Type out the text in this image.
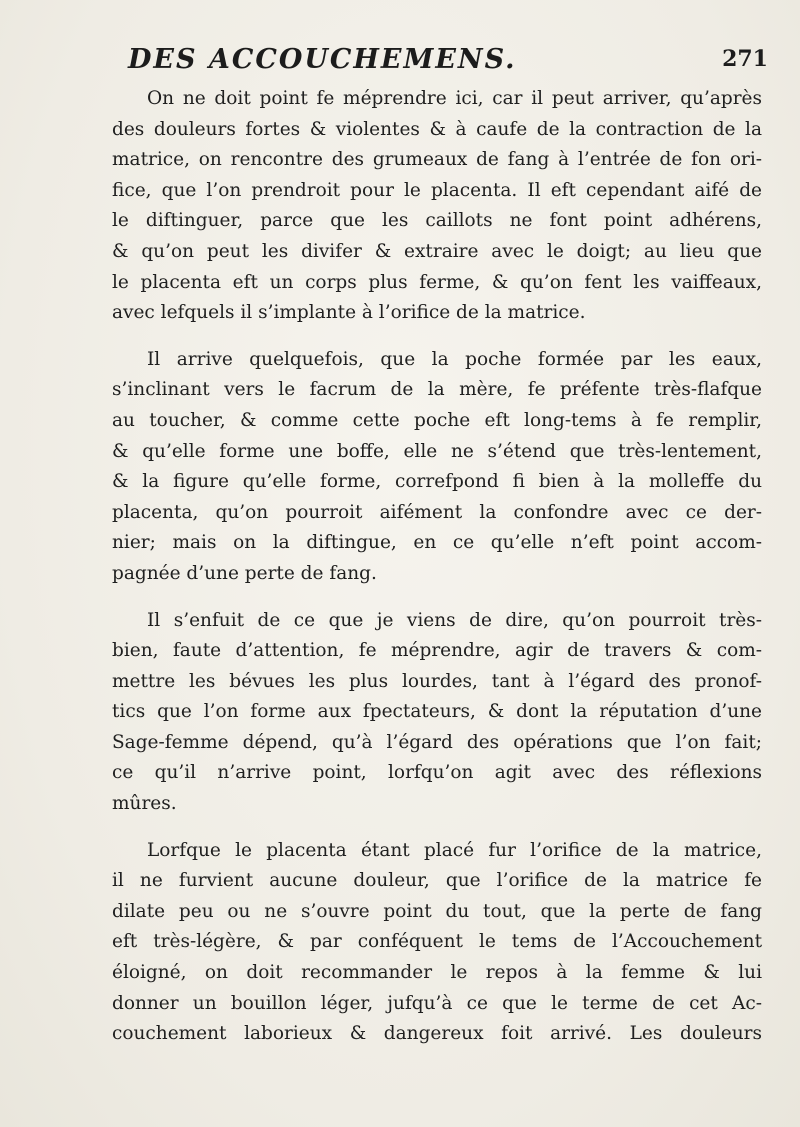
DES ACCOUCHEMENS.	271
On ne doit point fe méprendre ici, car il peut arriver, qu’après
des douleurs fortes & violentes & à caufe de la contraction de la
matrice, on rencontre des grumeaux de fang à l’entrée de fon ori-
fice, que l’on prendroit pour le placenta. Il eft cependant aifé de
le diftinguer, parce que les caillots ne font point adhérens,
& qu’on peut les divifer & extraire avec le doigt; au lieu que
le placenta eft un corps plus ferme, & qu’on fent les vaiffeaux,
avec lefquels il s’implante à l’orifice de la matrice.
Il arrive quelquefois, que la poche formée par les eaux,
s’inclinant vers le facrum de la mère, fe préfente très-flafque
au toucher, & comme cette poche eft long-tems à fe remplir,
& qu’elle forme une boffe, elle ne s’étend que très-lentement,
& la figure qu’elle forme, correfpond fi bien à la molleffe du
placenta, qu’on pourroit aifément la confondre avec ce der-
nier; mais on la diftingue, en ce qu’elle n’eft point accom-
pagnée d’une perte de fang.
Il s’enfuit de ce que je viens de dire, qu’on pourroit très-
bien, faute d’attention, fe méprendre, agir de travers & com-
mettre les bévues les plus lourdes, tant à l’égard des pronof-
tics que l’on forme aux fpectateurs, & dont la réputation d’une
Sage-femme dépend, qu’à l’égard des opérations que l’on fait;
ce qu’il n’arrive point, lorfqu’on agit avec des réflexions
mûres.
Lorfque le placenta étant placé fur l’orifice de la matrice,
il ne furvient aucune douleur, que l’orifice de la matrice fe
dilate peu ou ne s’ouvre point du tout, que la perte de fang
eft très-légère, & par conféquent le tems de l’Accouchement
éloigné, on doit recommander le repos à la femme & lui
donner un bouillon léger, jufqu’à ce que le terme de cet Ac-
couchement laborieux & dangereux foit arrivé. Les douleurs
